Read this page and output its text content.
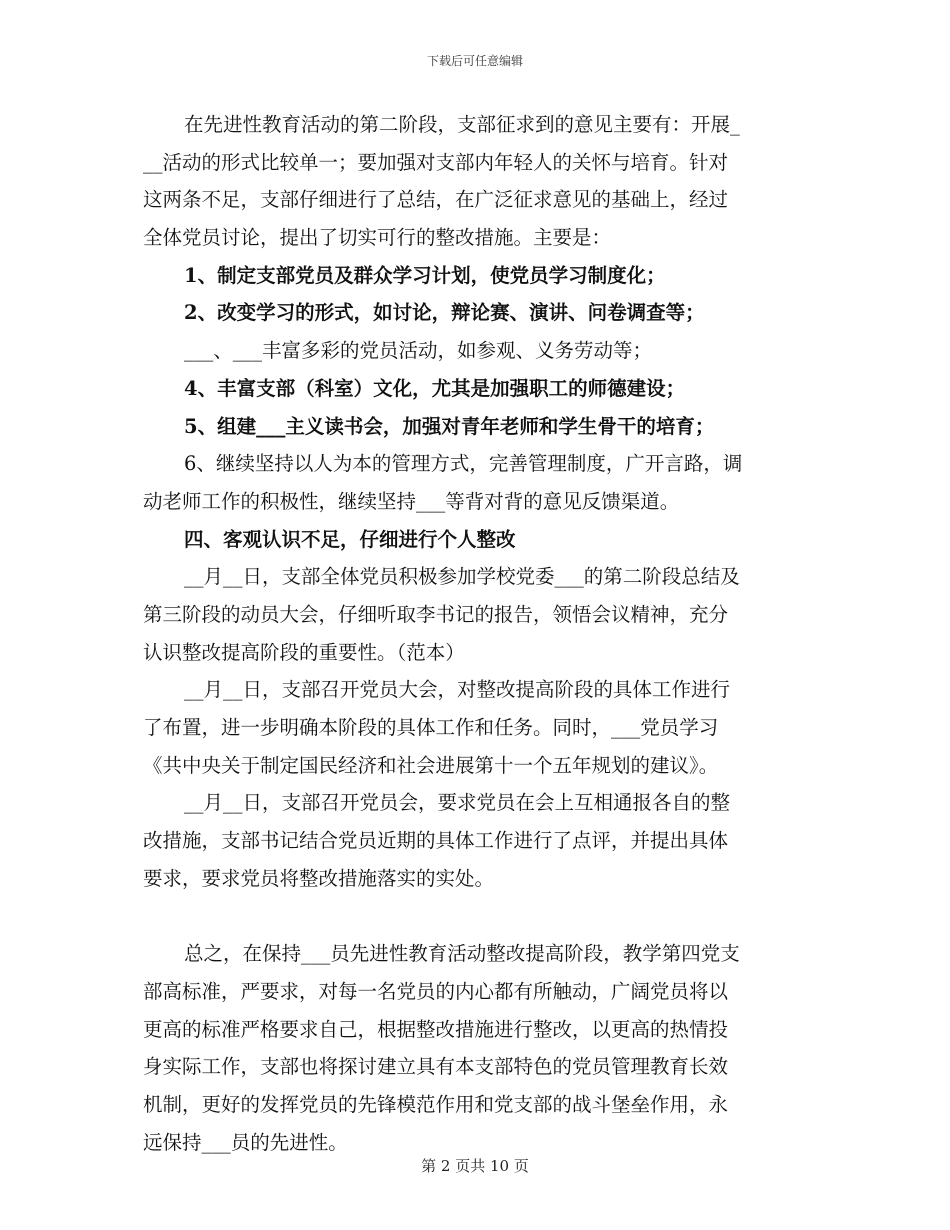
下载后可任意编辑
在先进性教育活动的第二阶段，支部征求到的意见主要有：开展_
__活动的形式比较单一；要加强对支部内年轻人的关怀与培育。针对
这两条不足，支部仔细进行了总结，在广泛征求意见的基础上，经过
全体党员讨论，提出了切实可行的整改措施。主要是：
1、制定支部党员及群众学习计划，使党员学习制度化；
2、改变学习的形式，如讨论，辩论赛、演讲、问卷调查等；
___、___丰富多彩的党员活动，如参观、义务劳动等；
4、丰富支部（科室）文化，尤其是加强职工的师德建设；
5、组建___主义读书会，加强对青年老师和学生骨干的培育；
6、继续坚持以人为本的管理方式，完善管理制度，广开言路，调
动老师工作的积极性，继续坚持___等背对背的意见反馈渠道。
四、客观认识不足，仔细进行个人整改
__月__日，支部全体党员积极参加学校党委___的第二阶段总结及
第三阶段的动员大会，仔细听取李书记的报告，领悟会议精神，充分
认识整改提高阶段的重要性。（范本）
__月__日，支部召开党员大会，对整改提高阶段的具体工作进行
了布置，进一步明确本阶段的具体工作和任务。同时，___党员学习
《共中央关于制定国民经济和社会进展第十一个五年规划的建议》。
__月__日，支部召开党员会，要求党员在会上互相通报各自的整
改措施，支部书记结合党员近期的具体工作进行了点评，并提出具体
要求，要求党员将整改措施落实的实处。
总之，在保持___员先进性教育活动整改提高阶段，教学第四党支
部高标准，严要求，对每一名党员的内心都有所触动，广阔党员将以
更高的标准严格要求自己，根据整改措施进行整改，以更高的热情投
身实际工作，支部也将探讨建立具有本支部特色的党员管理教育长效
机制，更好的发挥党员的先锋模范作用和党支部的战斗堡垒作用，永
远保持___员的先进性。
第 2 页共 10 页
